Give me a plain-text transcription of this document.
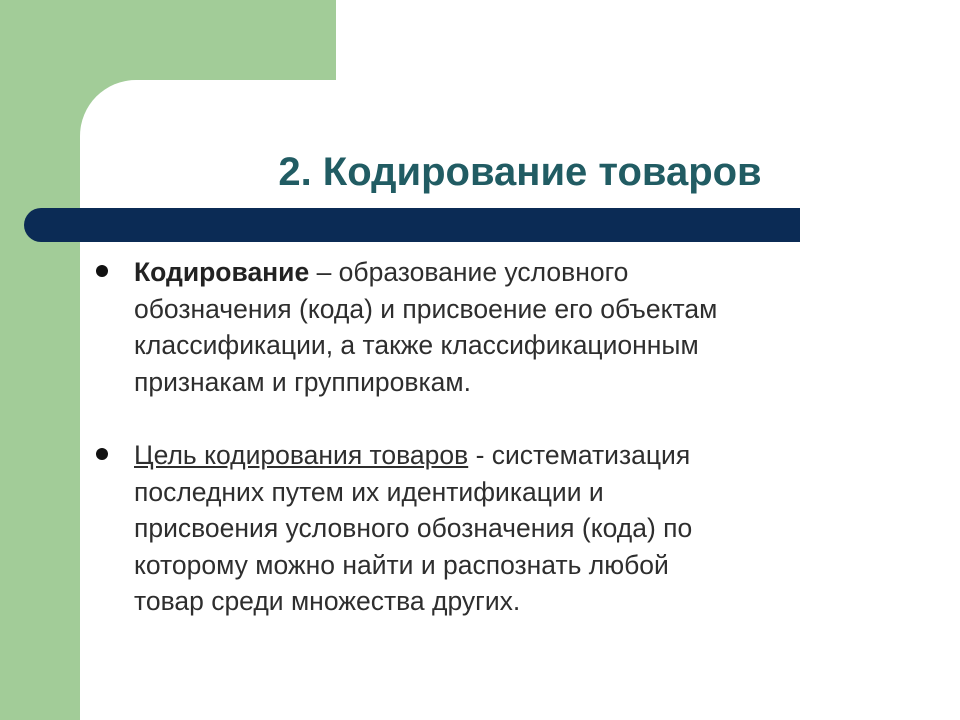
2. Кодирование товаров
Кодирование – образование условного
обозначения (кода) и присвоение его объектам
классификации, а также классификационным
признакам и группировкам.
Цель кодирования товаров - систематизация
последних путем их идентификации и
присвоения условного обозначения (кода) по
которому можно найти и распознать любой
товар среди множества других.
